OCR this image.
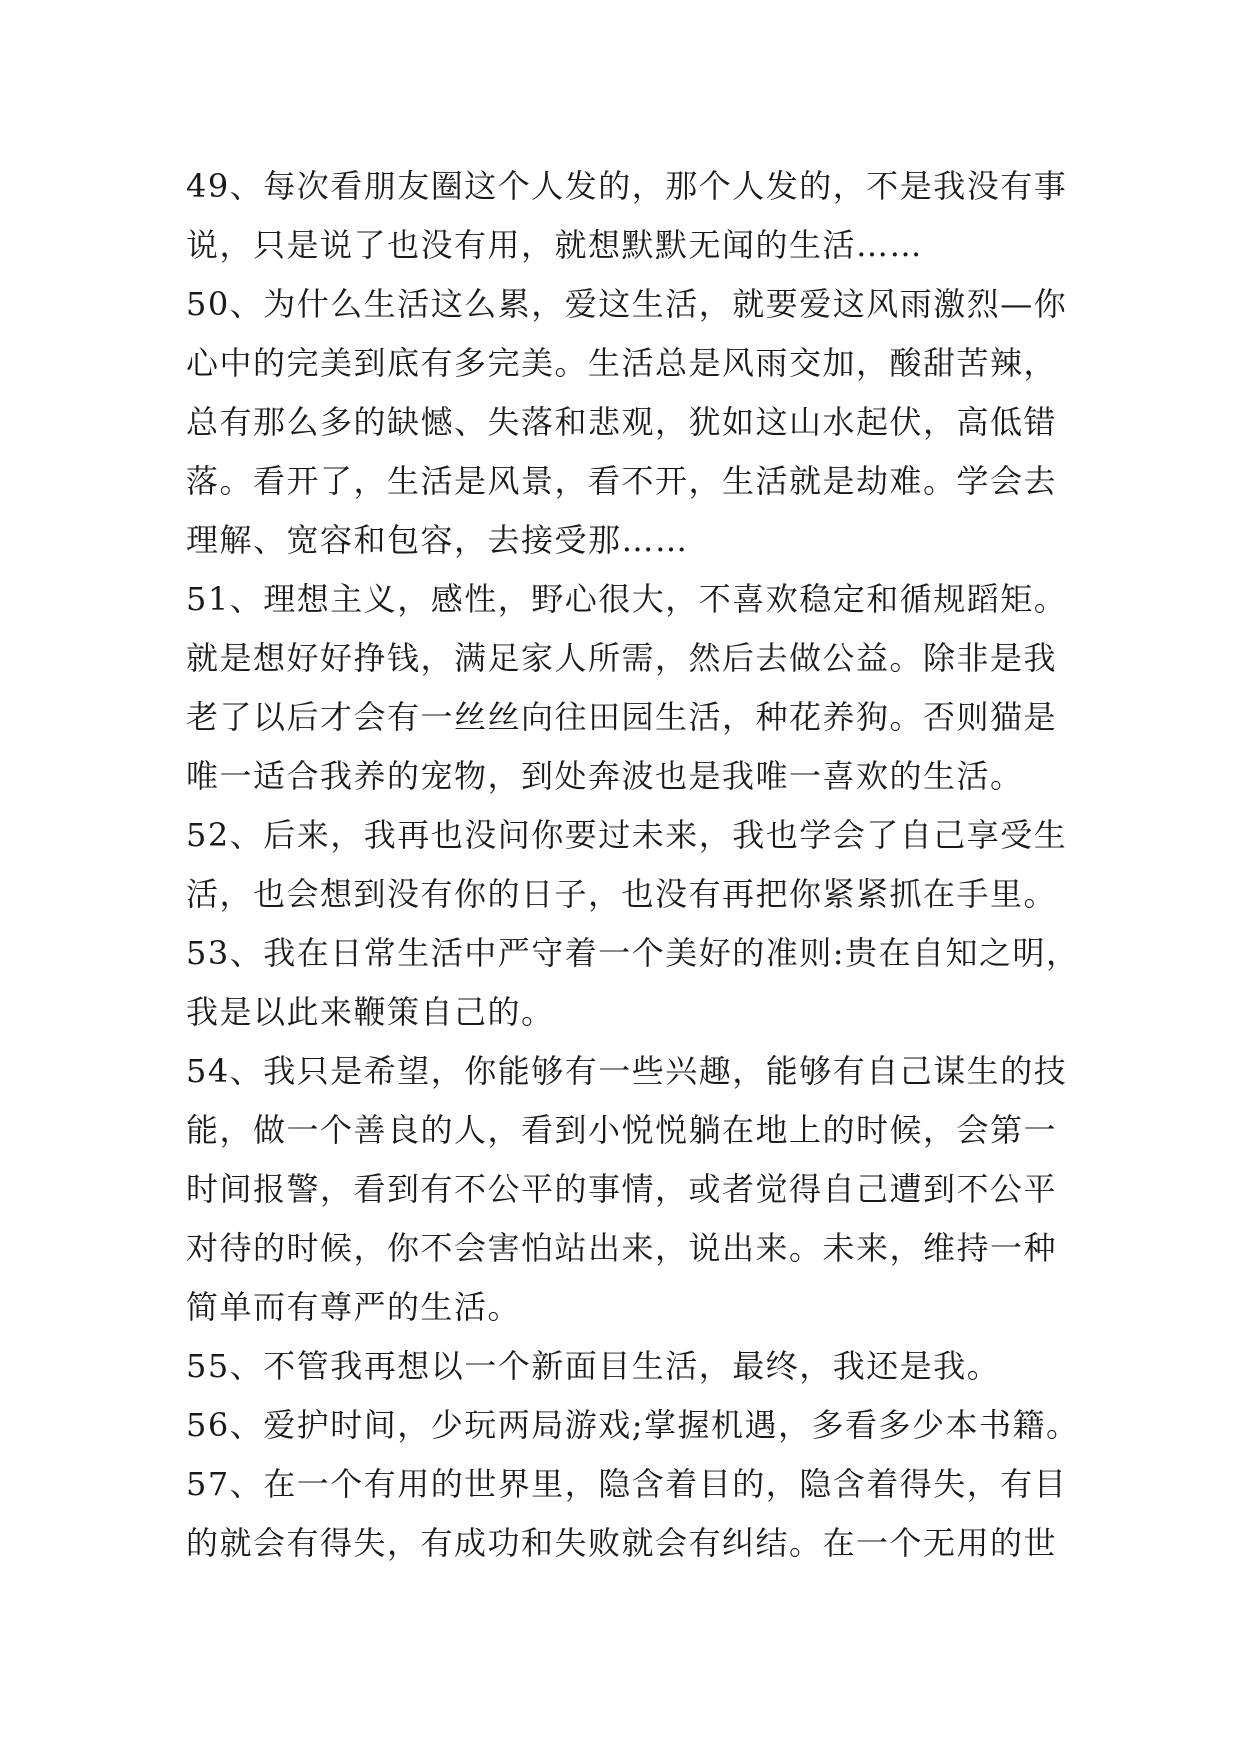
49、每次看朋友圈这个人发的，那个人发的，不是我没有事
说，只是说了也没有用，就想默默无闻的生活……
50、为什么生活这么累，爱这生活，就要爱这风雨激烈—你
心中的完美到底有多完美。生活总是风雨交加，酸甜苦辣，
总有那么多的缺憾、失落和悲观，犹如这山水起伏，高低错
落。看开了，生活是风景，看不开，生活就是劫难。学会去
理解、宽容和包容，去接受那……
51、理想主义，感性，野心很大，不喜欢稳定和循规蹈矩。
就是想好好挣钱，满足家人所需，然后去做公益。除非是我
老了以后才会有一丝丝向往田园生活，种花养狗。否则猫是
唯一适合我养的宠物，到处奔波也是我唯一喜欢的生活。
52、后来，我再也没问你要过未来，我也学会了自己享受生
活，也会想到没有你的日子，也没有再把你紧紧抓在手里。
53、我在日常生活中严守着一个美好的准则:贵在自知之明，
我是以此来鞭策自己的。
54、我只是希望，你能够有一些兴趣，能够有自己谋生的技
能，做一个善良的人，看到小悦悦躺在地上的时候，会第一
时间报警，看到有不公平的事情，或者觉得自己遭到不公平
对待的时候，你不会害怕站出来，说出来。未来，维持一种
简单而有尊严的生活。
55、不管我再想以一个新面目生活，最终，我还是我。
56、爱护时间，少玩两局游戏;掌握机遇，多看多少本书籍。
57、在一个有用的世界里，隐含着目的，隐含着得失，有目
的就会有得失，有成功和失败就会有纠结。在一个无用的世
